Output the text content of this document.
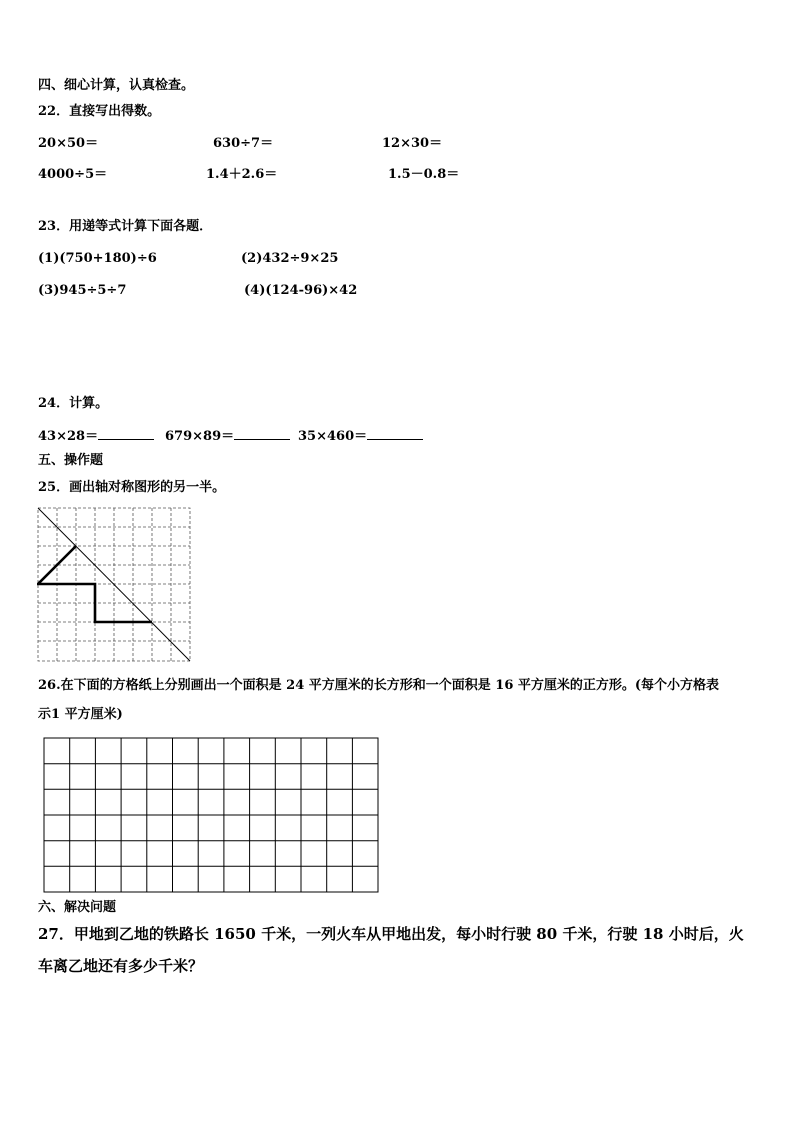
四、细心计算，认真检查。
22．直接写出得数。
20×50＝	630÷7＝	12×30＝
4000÷5＝	1.4＋2.6＝	1.5－0.8＝
23．用递等式计算下面各题．
(1)(750+180)÷6	(2)432÷9×25
(3)945÷5÷7	(4)(124-96)×42
24．计算。
43×28＝	679×89＝	35×460＝
五、操作题
25．画出轴对称图形的另一半。
26.在下面的方格纸上分别画出一个面积是 24 平方厘米的长方形和一个面积是 16 平方厘米的正方形。(每个小方格表
示1 平方厘米)
六、解决问题
27．甲地到乙地的铁路长 1650 千米，一列火车从甲地出发，每小时行驶 80 千米，行驶 18 小时后，火
车离乙地还有多少千米？
